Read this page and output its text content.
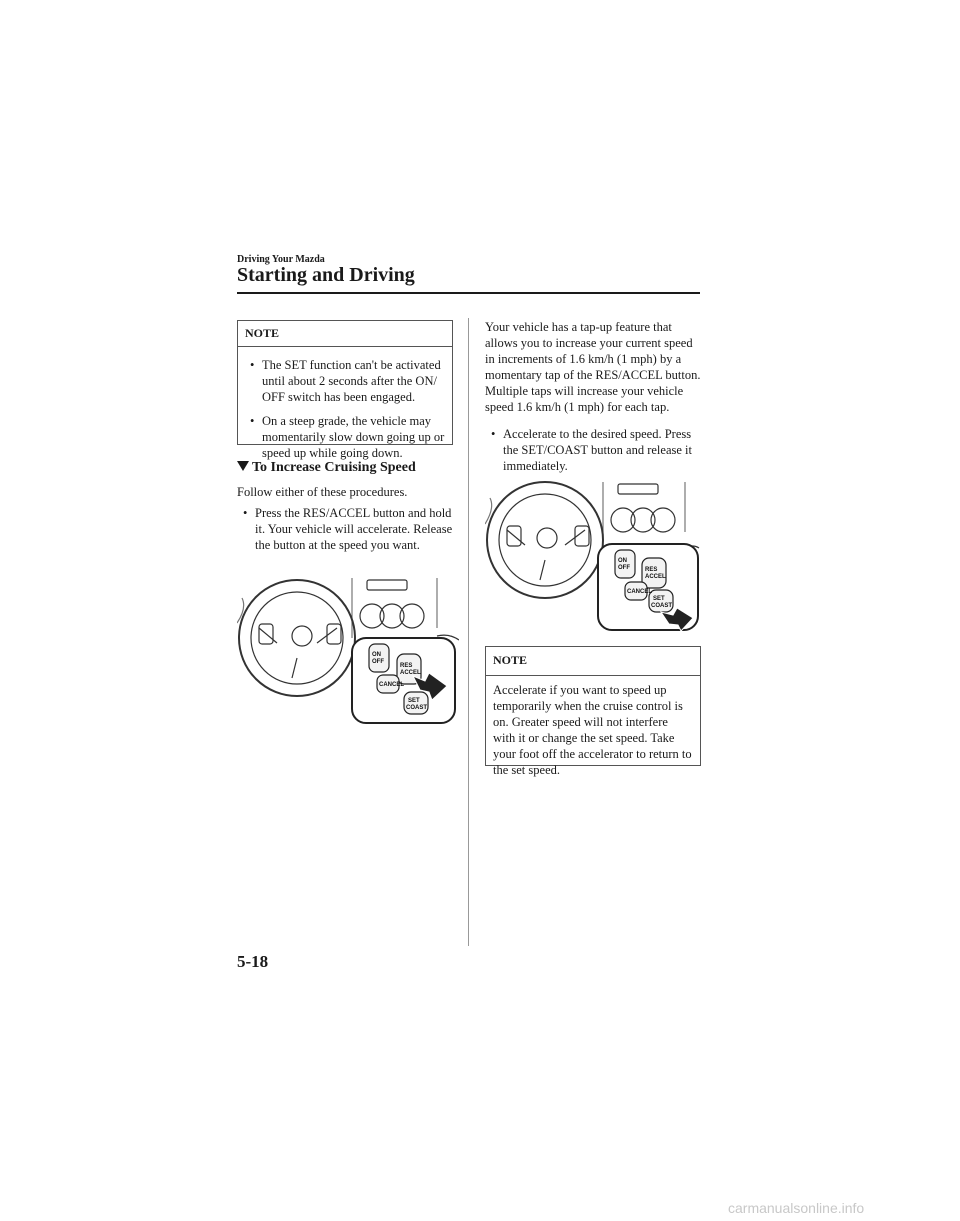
Driving Your Mazda
Starting and Driving
NOTE
• The SET function can't be activated until about 2 seconds after the ON/ OFF switch has been engaged.
• On a steep grade, the vehicle may momentarily slow down going up or speed up while going down.
To Increase Cruising Speed
Follow either of these procedures.
• Press the RES/ACCEL button and hold it. Your vehicle will accelerate. Release the button at the speed you want.
ON
OFF
RES
ACCEL
CANCEL
SET
COAST
Your vehicle has a tap-up feature that allows you to increase your current speed in increments of 1.6 km/h (1 mph) by a momentary tap of the RES/ACCEL button. Multiple taps will increase your vehicle speed 1.6 km/h (1 mph) for each tap.
• Accelerate to the desired speed. Press the SET/COAST button and release it immediately.
ON
OFF	RES
ACCEL
CANCEL
SET
COAST
NOTE
Accelerate if you want to speed up temporarily when the cruise control is on. Greater speed will not interfere with it or change the set speed. Take your foot off the accelerator to return to the set speed.
5-18
carmanualsonline.info
